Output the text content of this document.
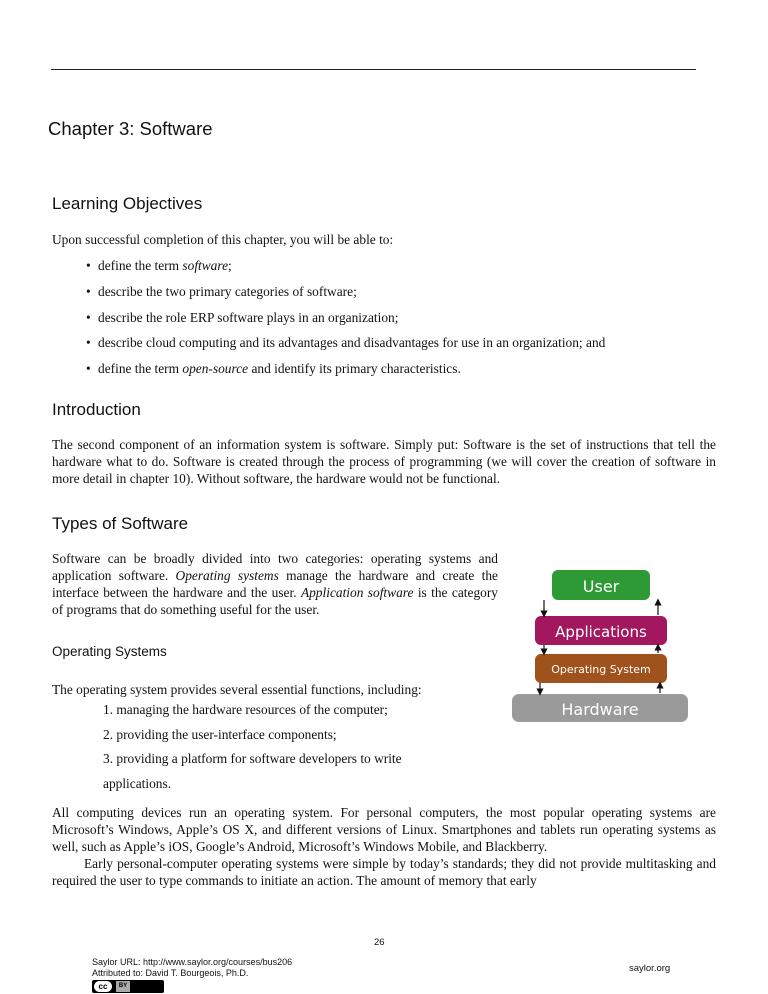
Chapter 3: Software
Learning Objectives

Upon successful completion of this chapter, you will be able to:

• define the term software;
• describe the two primary categories of software;
• describe the role ERP software plays in an organization;
• describe cloud computing and its advantages and disadvantages for use in an organization; and
• define the term open-source and identify its primary characteristics.
Introduction

The second component of an information system is software. Simply put: Software is the set of instructions that tell the hardware what to do. Software is created through the process of programming (we will cover the creation of software in more detail in chapter 10). Without software, the hardware would not be functional.

Types of Software

Software can be broadly divided into two categories: operating systems and application software. Operating systems manage the hardware and create the interface between the hardware and the user. Application software is the category of programs that do something useful for the user.

Operating Systems

The operating system provides several essential functions, including:

1. managing the hardware resources of the computer;
2. providing the user-interface components;
3. providing a platform for software developers to write
applications.

All computing devices run an operating system. For personal computers, the most popular operating systems are Microsoft’s Windows, Apple’s OS X, and different versions of Linux. Smartphones and tablets run operating systems as well, such as Apple’s iOS, Google’s Android, Microsoft’s Windows Mobile, and Blackberry.

Early personal-computer operating systems were simple by today’s standards; they did not provide multitasking and required the user to type commands to initiate an action. The amount of memory that early

Hardware
Operating System
Applications
User
26
Saylor URL: http://www.saylor.org/courses/bus206
Attributed to: David T. Bourgeois, Ph.D.
cc	BY
saylor.org
